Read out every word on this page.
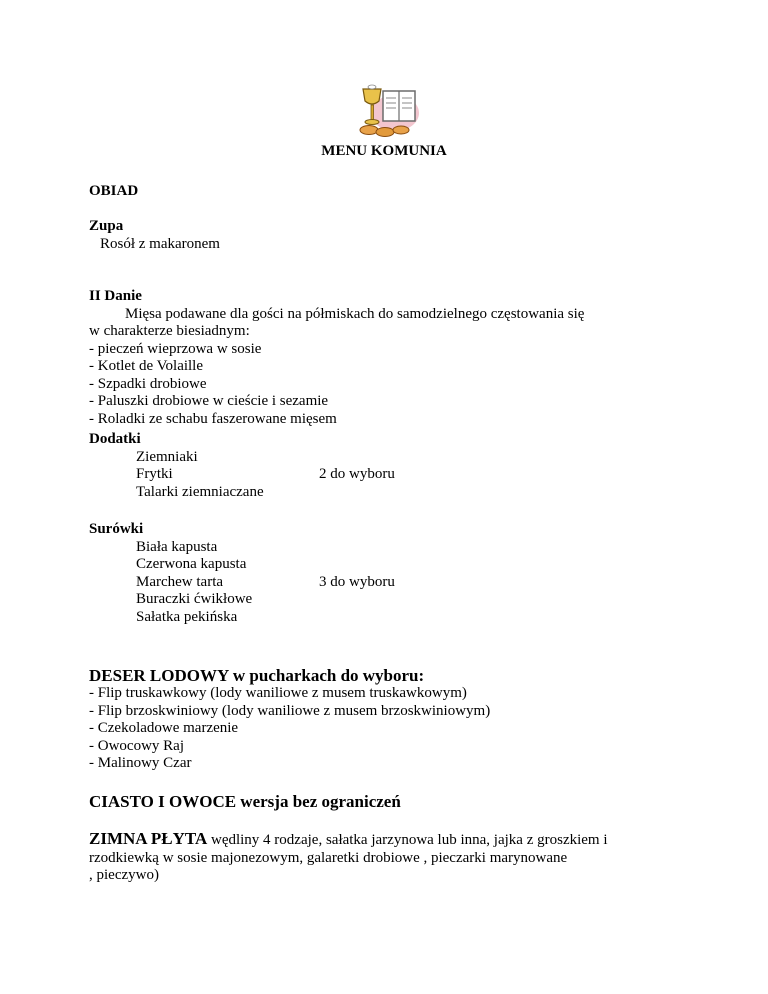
MENU KOMUNIA
OBIAD
Zupa
Rosół z makaronem
II Danie
Mięsa podawane dla gości na półmiskach do samodzielnego częstowania się
w charakterze biesiadnym:
- pieczeń wieprzowa w sosie
- Kotlet de Volaille
- Szpadki drobiowe
- Paluszki drobiowe w cieście i sezamie
- Roladki ze schabu faszerowane mięsem
Dodatki
Ziemniaki
Frytki
Talarki ziemniaczane
2 do wyboru
Surówki
Biała kapusta
Czerwona kapusta
Marchew tarta
Buraczki ćwikłowe
Sałatka pekińska
3 do wyboru
DESER LODOWY w pucharkach do wyboru:
- Flip truskawkowy (lody waniliowe z musem truskawkowym)
- Flip brzoskwiniowy (lody waniliowe z musem brzoskwiniowym)
- Czekoladowe marzenie
- Owocowy Raj
- Malinowy Czar
CIASTO I OWOCE wersja bez ograniczeń
ZIMNA PŁYTA wędliny 4 rodzaje, sałatka jarzynowa lub inna, jajka z groszkiem i
rzodkiewką w sosie majonezowym, galaretki drobiowe , pieczarki marynowane
, pieczywo)
